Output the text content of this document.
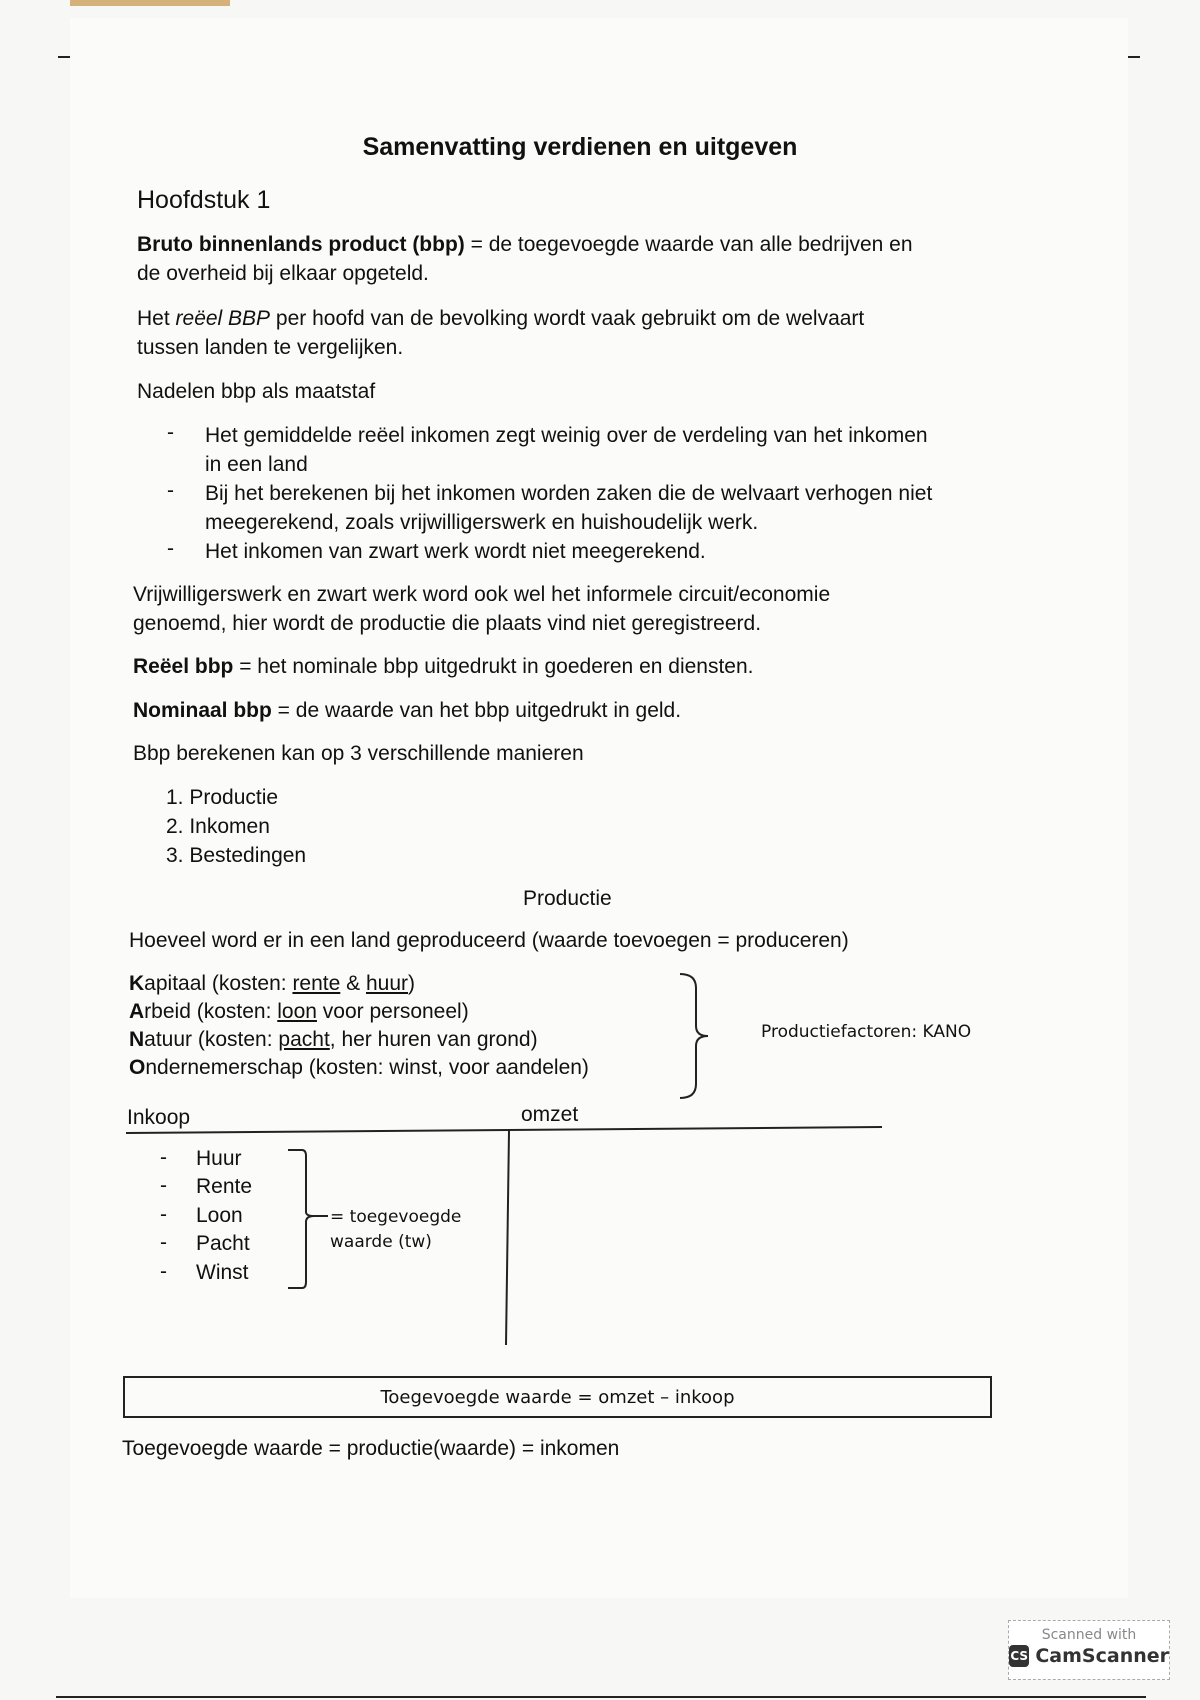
Samenvatting verdienen en uitgeven
Hoofdstuk 1
Bruto binnenlands product (bbp) = de toegevoegde waarde van alle bedrijven en
de overheid bij elkaar opgeteld.
Het reëel BBP per hoofd van de bevolking wordt vaak gebruikt om de welvaart
tussen landen te vergelijken.
Nadelen bbp als maatstaf
- Het gemiddelde reëel inkomen zegt weinig over de verdeling van het inkomen
in een land
- Bij het berekenen bij het inkomen worden zaken die de welvaart verhogen niet
meegerekend, zoals vrijwilligerswerk en huishoudelijk werk.
- Het inkomen van zwart werk wordt niet meegerekend.
Vrijwilligerswerk en zwart werk word ook wel het informele circuit/economie
genoemd, hier wordt de productie die plaats vind niet geregistreerd.
Reëel bbp = het nominale bbp uitgedrukt in goederen en diensten.
Nominaal bbp = de waarde van het bbp uitgedrukt in geld.
Bbp berekenen kan op 3 verschillende manieren
1. Productie
2. Inkomen
3. Bestedingen
Productie
Hoeveel word er in een land geproduceerd (waarde toevoegen = produceren)
Kapitaal (kosten: rente & huur)
Arbeid (kosten: loon voor personeel)
Natuur (kosten: pacht, her huren van grond)
Ondernemerschap (kosten: winst, voor aandelen)
Productiefactoren: KANO
Inkoop	omzet
- Huur
- Rente
- Loon
- Pacht
- Winst
= toegevoegde
waarde (tw)
Toegevoegde waarde = omzet – inkoop
Toegevoegde waarde = productie(waarde) = inkomen
Scanned with
CS CamScanner
